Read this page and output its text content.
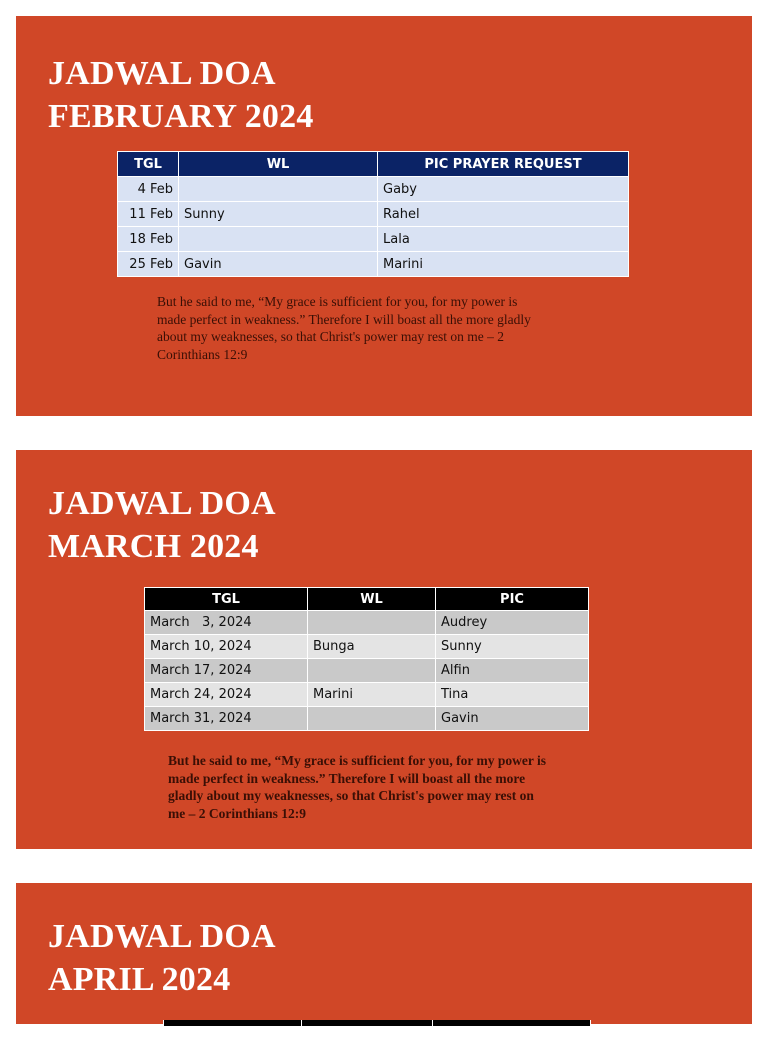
JADWAL DOA
FEBRUARY 2024
TGL	WL	PIC PRAYER REQUEST
4 Feb		Gaby
11 Feb	Sunny	Rahel
18 Feb		Lala
25 Feb	Gavin	Marini

But he said to me, “My grace is sufficient for you, for my power is made perfect in weakness.” Therefore I will boast all the more gladly about my weaknesses, so that Christ's power may rest on me – 2 Corinthians 12:9

JADWAL DOA
MARCH 2024
TGL	WL	PIC
March   3, 2024		Audrey
March 10, 2024	Bunga	Sunny
March 17, 2024		Alfin
March 24, 2024	Marini	Tina
March 31, 2024		Gavin

But he said to me, “My grace is sufficient for you, for my power is made perfect in weakness.” Therefore I will boast all the more gladly about my weaknesses, so that Christ's power may rest on me – 2 Corinthians 12:9

JADWAL DOA
APRIL 2024
